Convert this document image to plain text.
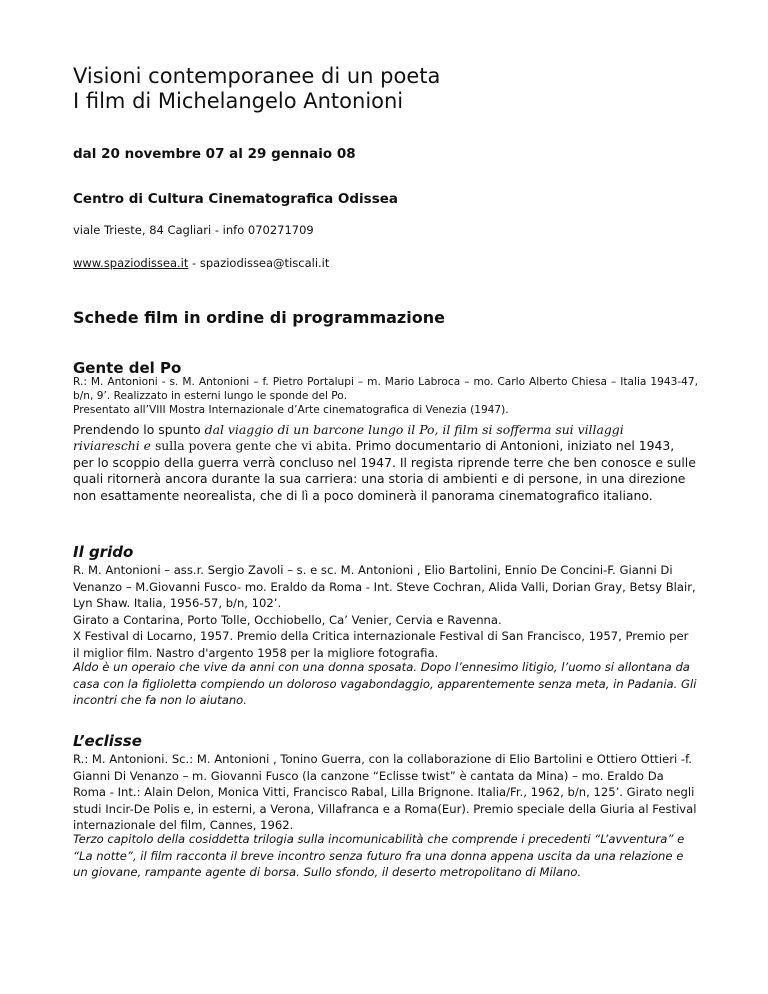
Visioni contemporanee di un poeta
I film di Michelangelo Antonioni

dal 20 novembre 07 al 29 gennaio 08

Centro di Cultura Cinematografica Odissea

viale Trieste, 84 Cagliari - info 070271709

www.spaziodissea.it - spaziodissea@tiscali.it

Schede film in ordine di programmazione
Gente del Po

R.: M. Antonioni - s. M. Antonioni – f. Pietro Portalupi – m. Mario Labroca – mo. Carlo Alberto Chiesa – Italia 1943-47, b/n, 9’. Realizzato in esterni lungo le sponde del Po.
Presentato all’VIII Mostra Internazionale d’Arte cinematografica di Venezia (1947).

Prendendo lo spunto dal viaggio di un barcone lungo il Po, il film si sofferma sui villaggi
riviareschi e sulla povera gente che vi abita. Primo documentario di Antonioni, iniziato nel 1943, per lo scoppio della guerra verrà concluso nel 1947. Il regista riprende terre che ben conosce e sulle quali ritornerà ancora durante la sua carriera: una storia di ambienti e di persone, in una direzione non esattamente neorealista, che di lì a poco dominerà il panorama cinematografico italiano.

Il grido

R. M. Antonioni – ass.r. Sergio Zavoli – s. e sc. M. Antonioni , Elio Bartolini, Ennio De Concini-F. Gianni Di Venanzo – M.Giovanni Fusco- mo. Eraldo da Roma - Int. Steve Cochran, Alida Valli, Dorian Gray, Betsy Blair, Lyn Shaw. Italia, 1956-57, b/n, 102’.
Girato a Contarina, Porto Tolle, Occhiobello, Ca’ Venier, Cervia e Ravenna.
X Festival di Locarno, 1957. Premio della Critica internazionale Festival di San Francisco, 1957, Premio per il miglior film. Nastro d'argento 1958 per la migliore fotografia.

Aldo è un operaio che vive da anni con una donna sposata. Dopo l’ennesimo litigio, l’uomo si allontana da casa con la figlioletta compiendo un doloroso vagabondaggio, apparentemente senza meta, in Padania. Gli incontri che fa non lo aiutano.

L’eclisse

R.: M. Antonioni. Sc.: M. Antonioni , Tonino Guerra, con la collaborazione di Elio Bartolini e Ottiero Ottieri -f. Gianni Di Venanzo – m. Giovanni Fusco (la canzone “Eclisse twist” è cantata da Mina) – mo. Eraldo Da Roma - Int.: Alain Delon, Monica Vitti, Francisco Rabal, Lilla Brignone. Italia/Fr., 1962, b/n, 125’. Girato negli studi Incir-De Polis e, in esterni, a Verona, Villafranca e a Roma(Eur). Premio speciale della Giuria al Festival internazionale del film, Cannes, 1962.

Terzo capitolo della cosiddetta trilogia sulla incomunicabilità che comprende i precedenti “L’avventura” e “La notte”, il film racconta il breve incontro senza futuro fra una donna appena uscita da una relazione e un giovane, rampante agente di borsa. Sullo sfondo, il deserto metropolitano di Milano.
